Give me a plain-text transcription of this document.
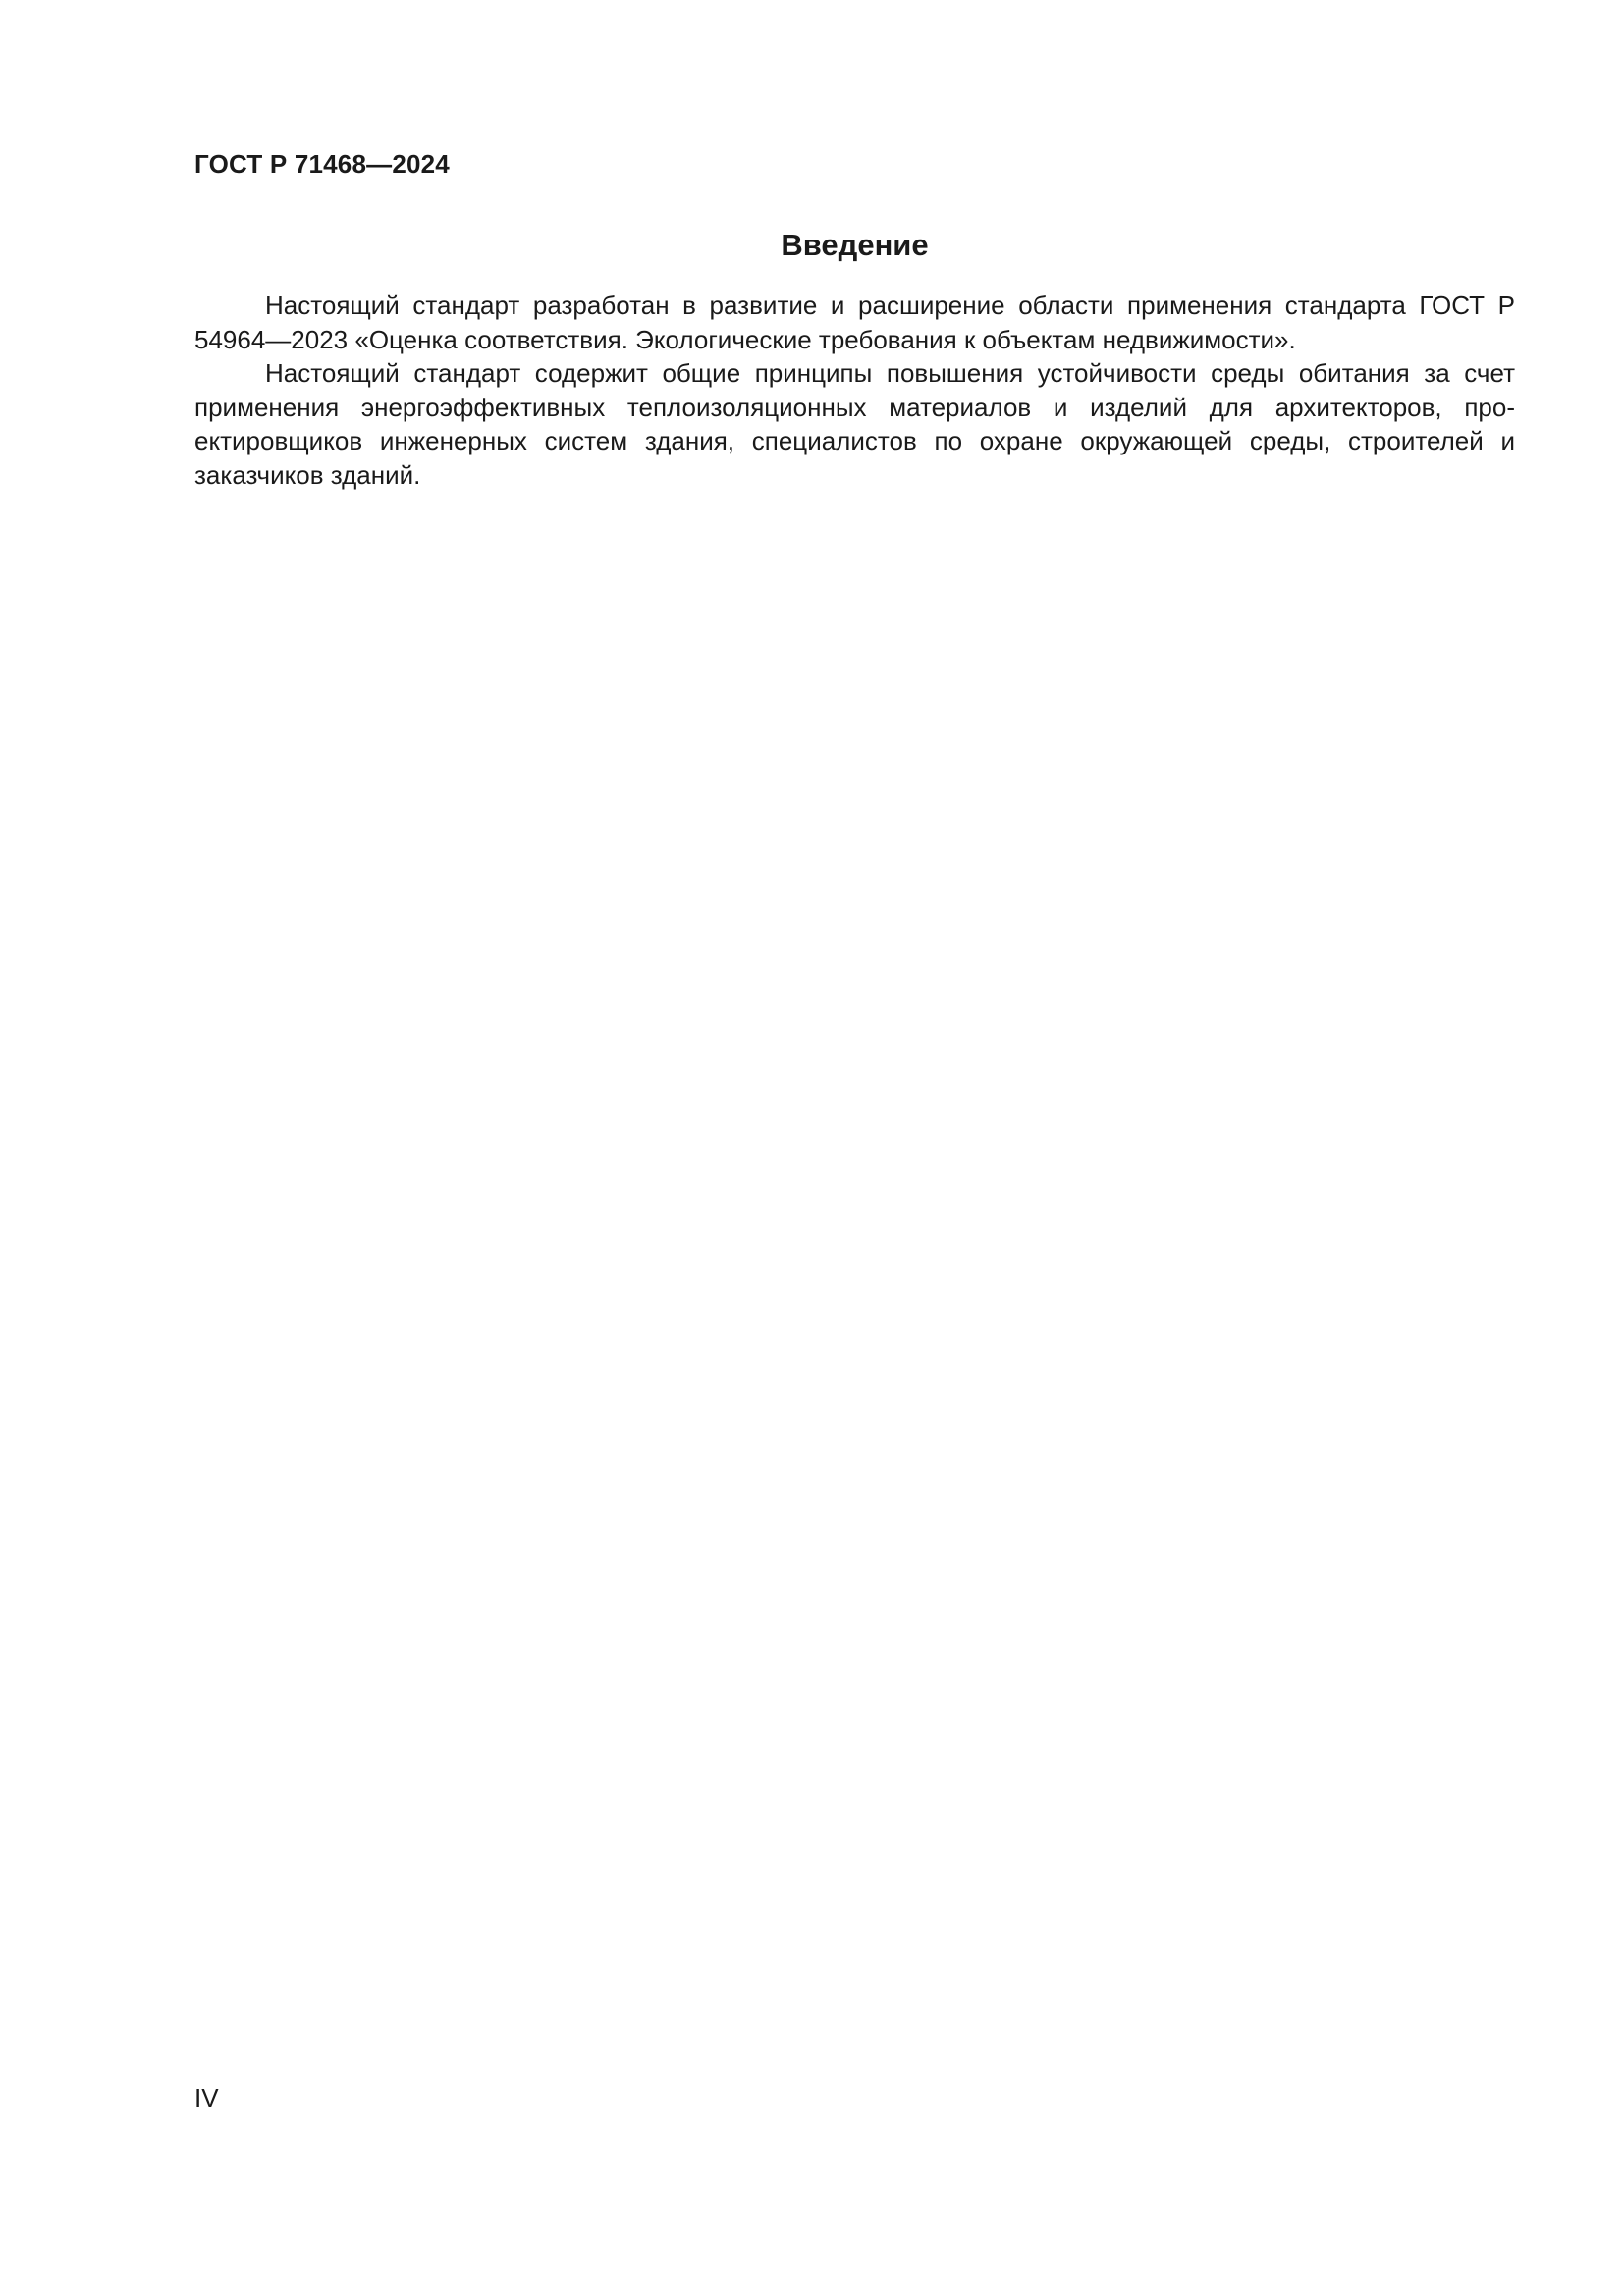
ГОСТ Р 71468—2024
Введение

Настоящий стандарт разработан в развитие и расширение области применения стандарта ГОСТ Р 54964—2023 «Оценка соответствия. Экологические требования к объектам недвижимости».

Настоящий стандарт содержит общие принципы повышения устойчивости среды обитания за счет применения энергоэффективных теплоизоляционных материалов и изделий для архитекторов, проектировщиков инженерных систем здания, специалистов по охране окружающей среды, строителей и заказчиков зданий.

IV
